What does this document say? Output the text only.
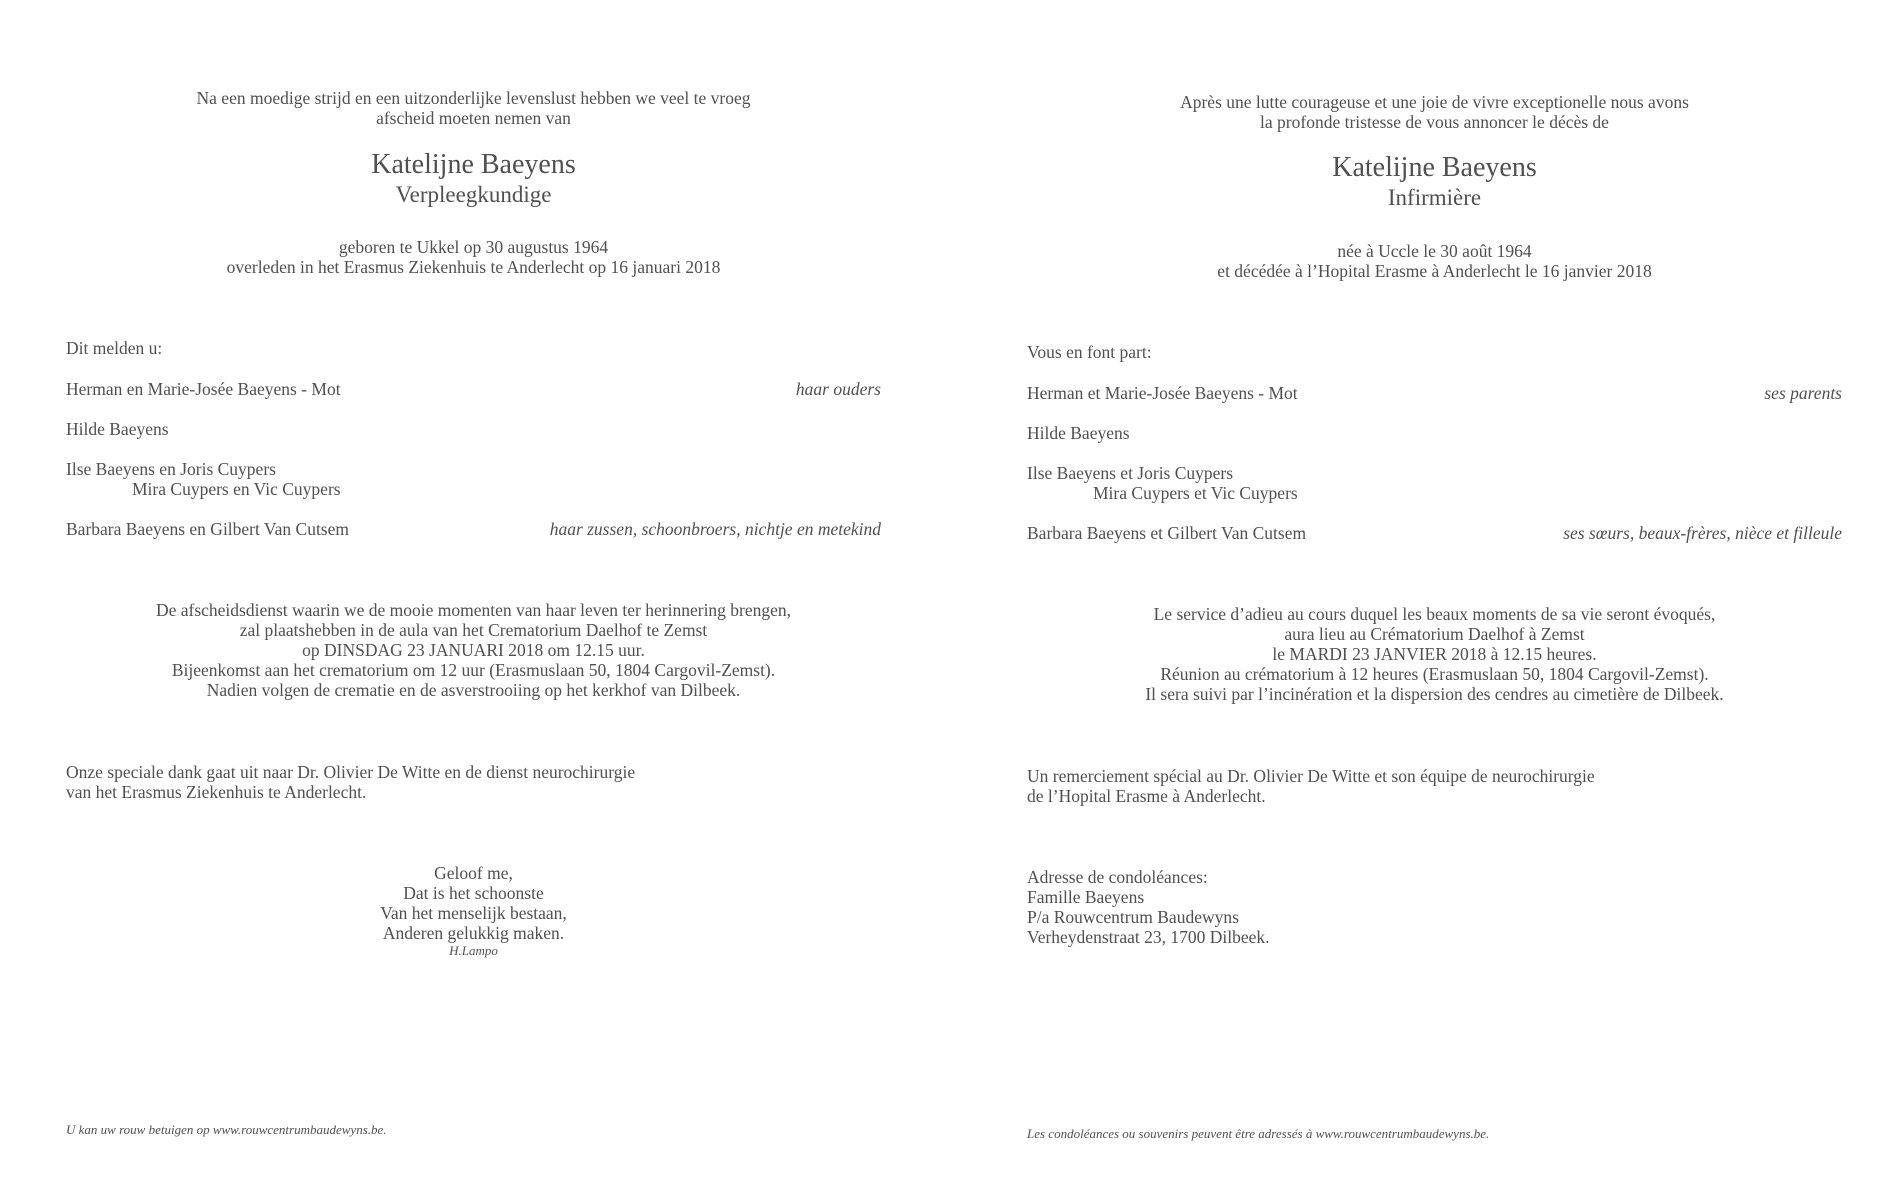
Na een moedige strijd en een uitzonderlijke levenslust hebben we veel te vroeg
afscheid moeten nemen van
Katelijne Baeyens
Verpleegkundige
geboren te Ukkel op 30 augustus 1964
overleden in het Erasmus Ziekenhuis te Anderlecht op 16 januari 2018
Dit melden u:
Herman en Marie-Josée Baeyens - Mot	haar ouders
Hilde Baeyens
Ilse Baeyens en Joris Cuypers
Mira Cuypers en Vic Cuypers
Barbara Baeyens en Gilbert Van Cutsem	haar zussen, schoonbroers, nichtje en metekind
De afscheidsdienst waarin we de mooie momenten van haar leven ter herinnering brengen,
zal plaatshebben in de aula van het Crematorium Daelhof te Zemst
op DINSDAG 23 JANUARI 2018 om 12.15 uur.
Bijeenkomst aan het crematorium om 12 uur (Erasmuslaan 50, 1804 Cargovil-Zemst).
Nadien volgen de crematie en de asverstrooiing op het kerkhof van Dilbeek.
Onze speciale dank gaat uit naar Dr. Olivier De Witte en de dienst neurochirurgie
van het Erasmus Ziekenhuis te Anderlecht.
Geloof me,
Dat is het schoonste
Van het menselijk bestaan,
Anderen gelukkig maken.
H.Lampo
U kan uw rouw betuigen op www.rouwcentrumbaudewyns.be.
Après une lutte courageuse et une joie de vivre exceptionelle nous avons
la profonde tristesse de vous annoncer le décès de
Katelijne Baeyens
Infirmière
née à Uccle le 30 août 1964
et décédée à l’Hopital Erasme à Anderlecht le 16 janvier 2018
Vous en font part:
Herman et Marie-Josée Baeyens - Mot	ses parents
Hilde Baeyens
Ilse Baeyens et Joris Cuypers
Mira Cuypers et Vic Cuypers
Barbara Baeyens et Gilbert Van Cutsem	ses sœurs, beaux-frères, nièce et filleule
Le service d’adieu au cours duquel les beaux moments de sa vie seront évoqués,
aura lieu au Crématorium Daelhof à Zemst
le MARDI 23 JANVIER 2018 à 12.15 heures.
Réunion au crématorium à 12 heures (Erasmuslaan 50, 1804 Cargovil-Zemst).
Il sera suivi par l’incinération et la dispersion des cendres au cimetière de Dilbeek.
Un remerciement spécial au Dr. Olivier De Witte et son équipe de neurochirurgie
de l’Hopital Erasme à Anderlecht.
Adresse de condoléances:
Famille Baeyens
P/a Rouwcentrum Baudewyns
Verheydenstraat 23, 1700 Dilbeek.
Les condoléances ou souvenirs peuvent être adressés à www.rouwcentrumbaudewyns.be.
